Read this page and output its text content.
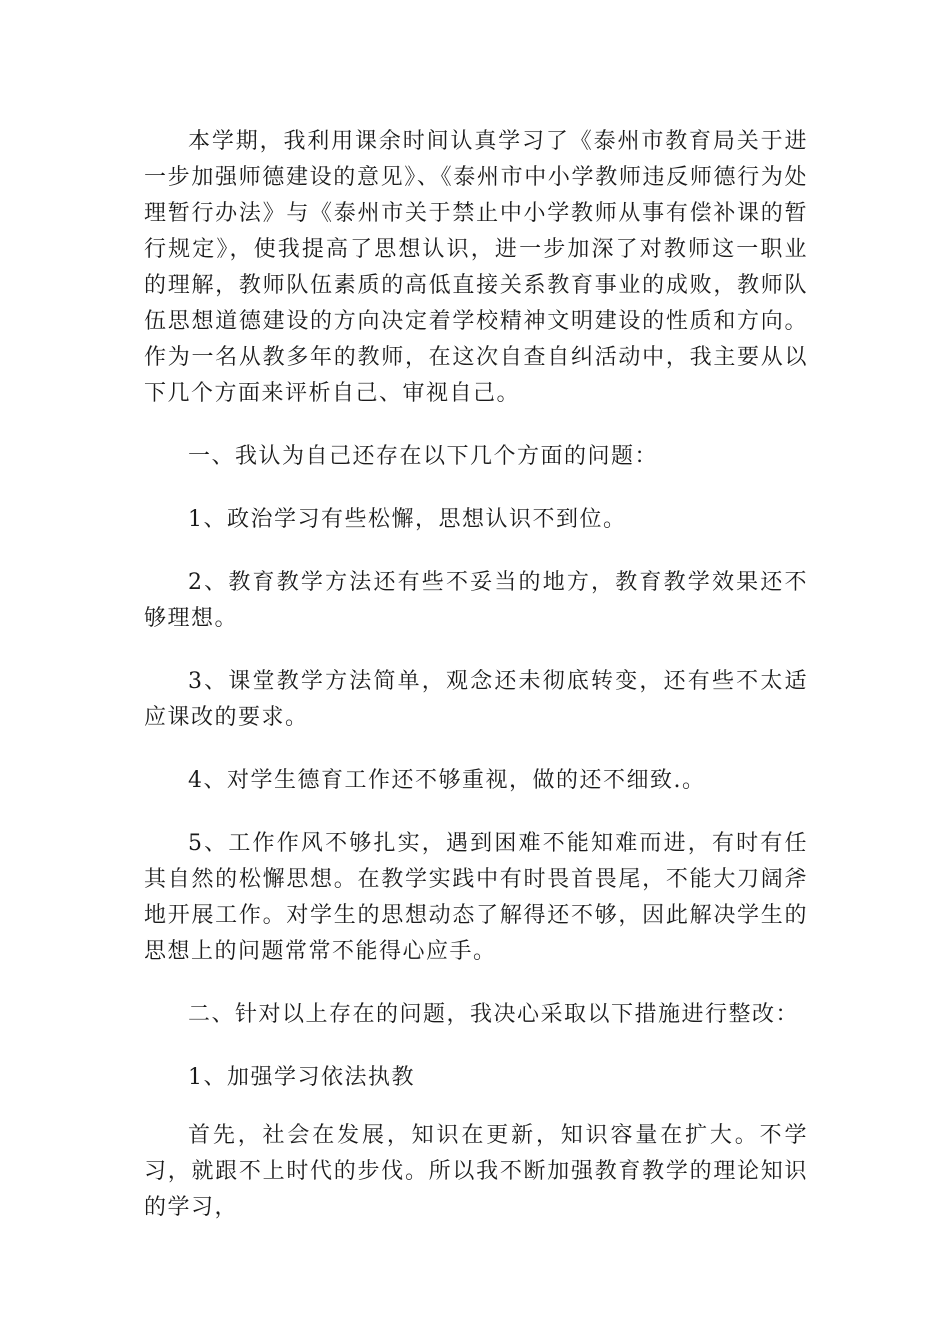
本学期，我利用课余时间认真学习了《泰州市教育局关于进一步加强师德建设的意见》、《泰州市中小学教师违反师德行为处理暂行办法》与《泰州市关于禁止中小学教师从事有偿补课的暂行规定》，使我提高了思想认识，进一步加深了对教师这一职业的理解，教师队伍素质的高低直接关系教育事业的成败，教师队伍思想道德建设的方向决定着学校精神文明建设的性质和方向。作为一名从教多年的教师，在这次自查自纠活动中，我主要从以下几个方面来评析自己、审视自己。

一、我认为自己还存在以下几个方面的问题：

1、政治学习有些松懈，思想认识不到位。

2、教育教学方法还有些不妥当的地方，教育教学效果还不够理想。

3、课堂教学方法简单，观念还未彻底转变，还有些不太适应课改的要求。

4、对学生德育工作还不够重视，做的还不细致.。

5、工作作风不够扎实，遇到困难不能知难而进，有时有任其自然的松懈思想。在教学实践中有时畏首畏尾，不能大刀阔斧地开展工作。对学生的思想动态了解得还不够，因此解决学生的思想上的问题常常不能得心应手。

二、针对以上存在的问题，我决心采取以下措施进行整改：

1、加强学习依法执教

首先，社会在发展，知识在更新，知识容量在扩大。不学习，就跟不上时代的步伐。所以我不断加强教育教学的理论知识的学习，
